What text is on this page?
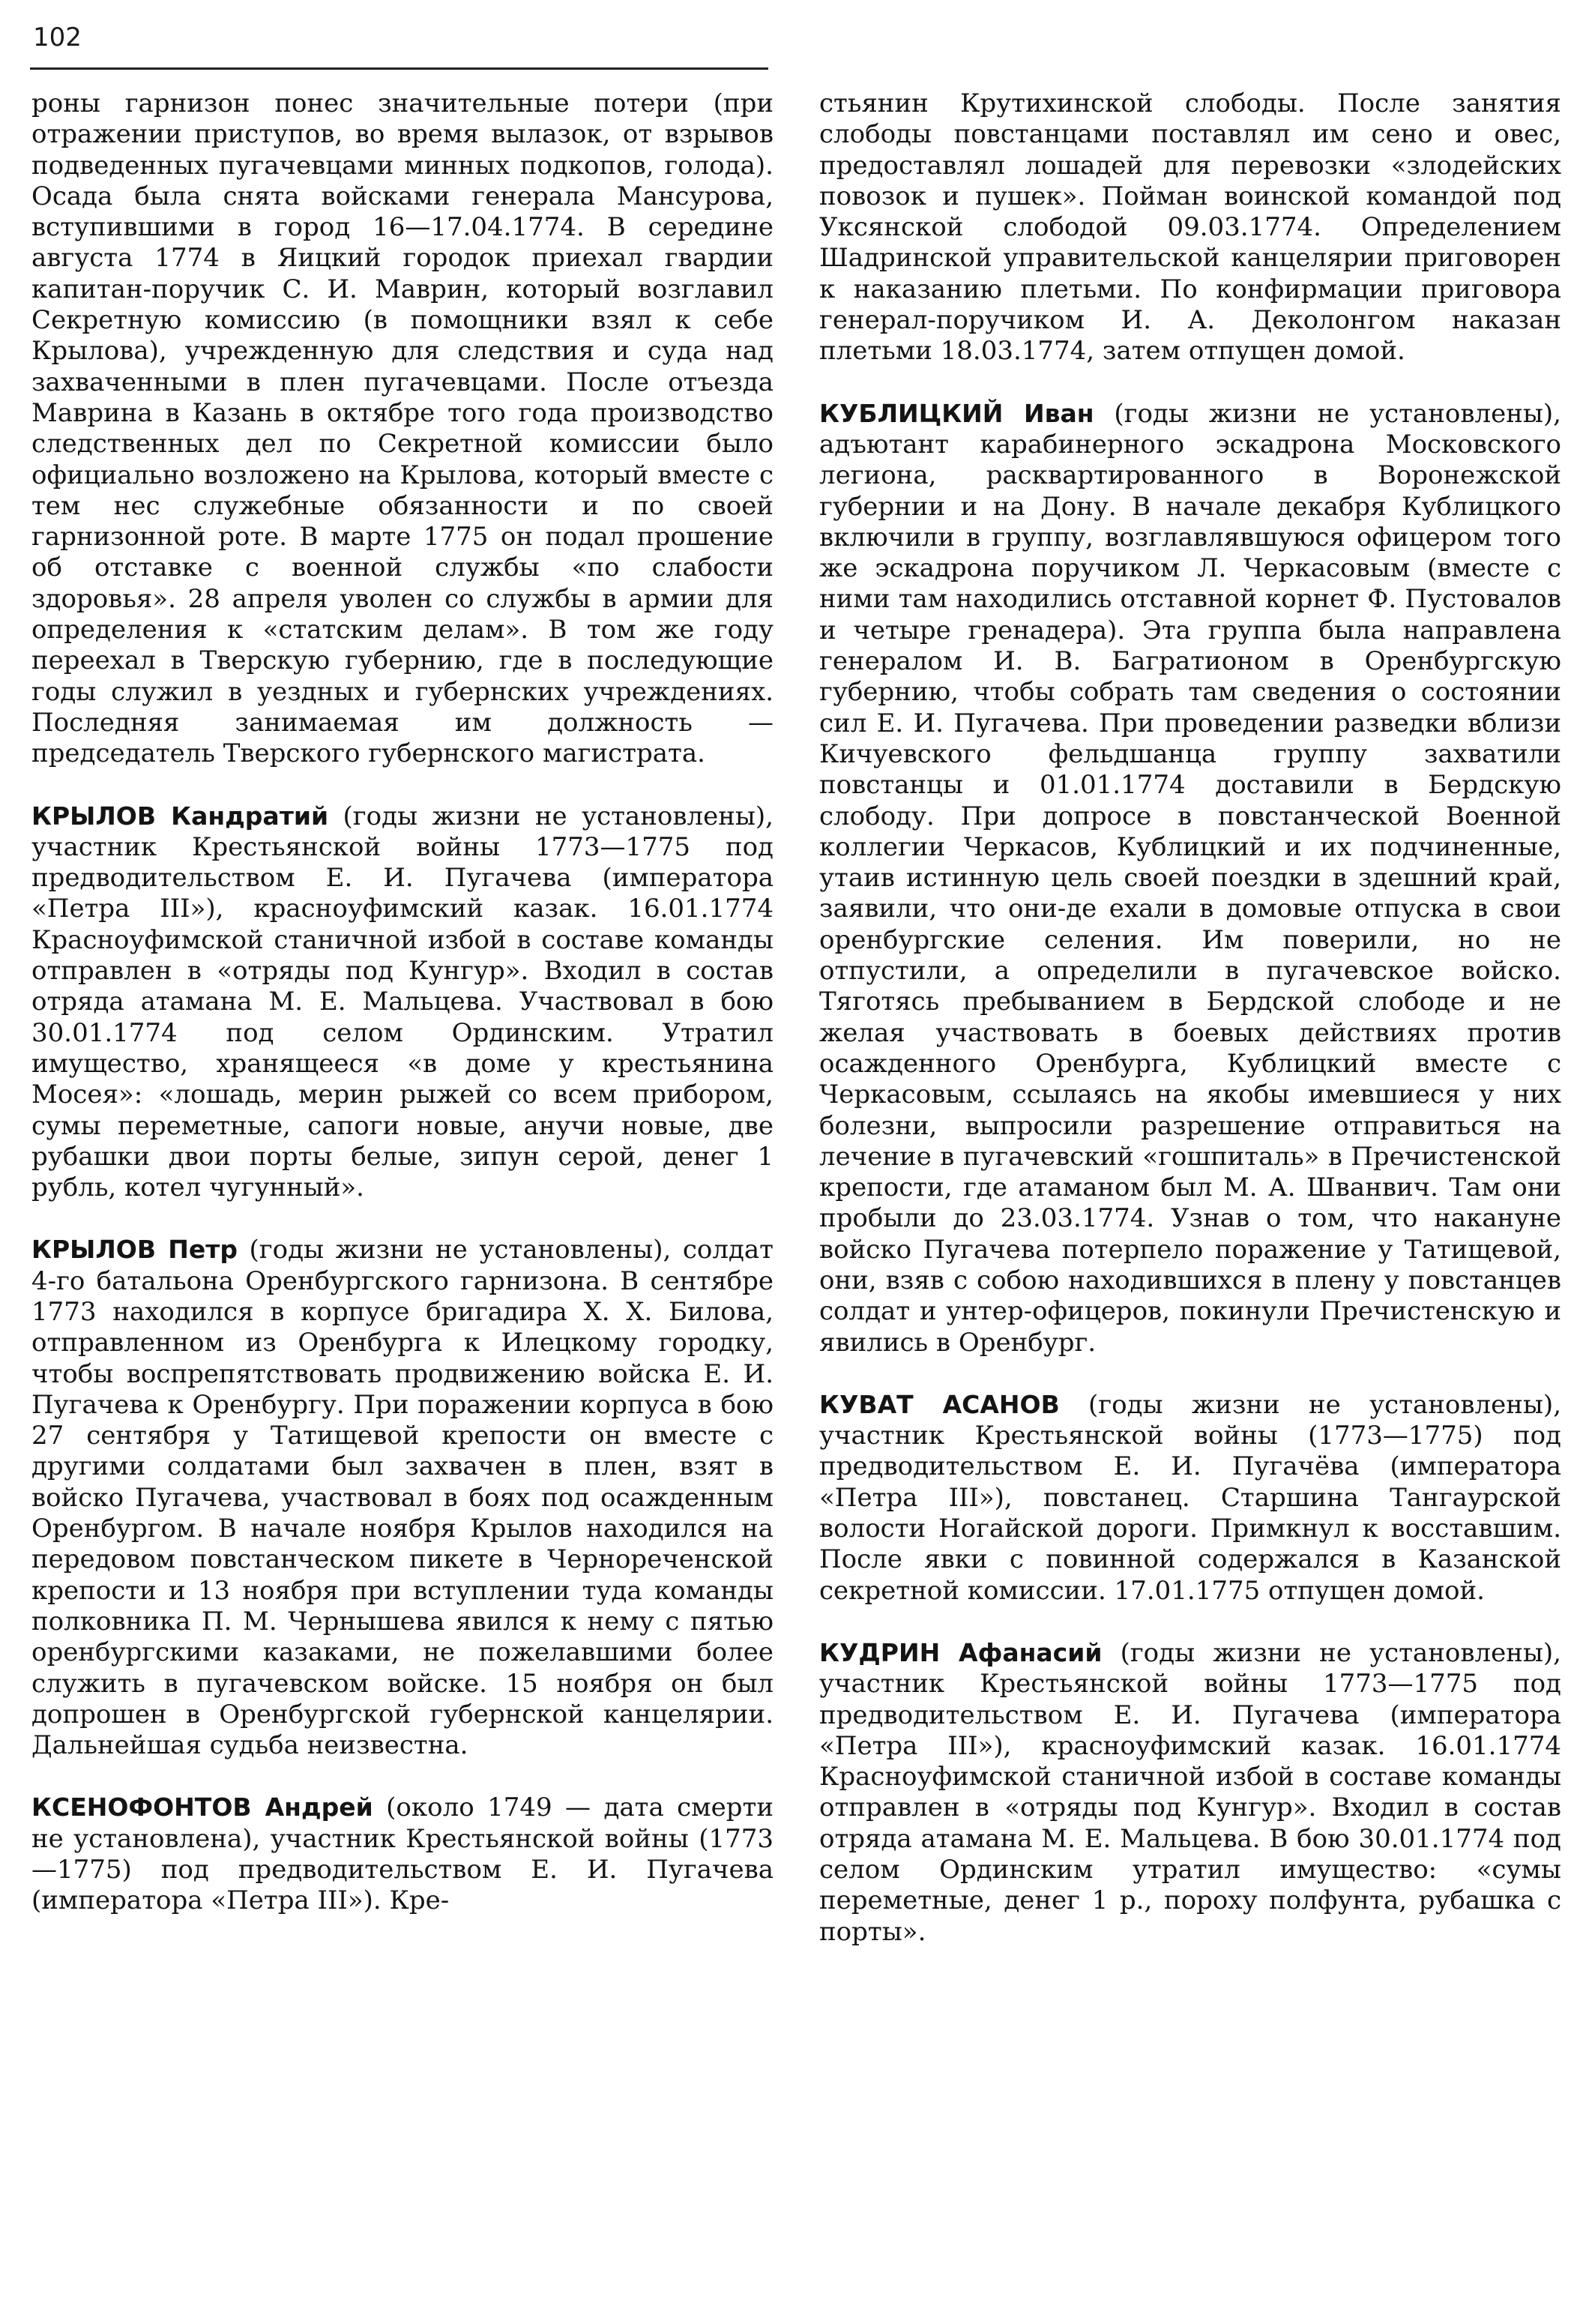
102

роны гарнизон понес значительные потери (при отражении приступов, во время вылазок, от взрывов подведенных пугачевцами минных подкопов, голода). Осада была снята войсками генерала Мансурова, вступившими в город 16—17.04.1774. В середине августа 1774 в Яицкий городок приехал гвардии капитан-поручик С. И. Маврин, который возглавил Секретную комиссию (в помощники взял к себе Крылова), учрежденную для следствия и суда над захваченными в плен пугачевцами. После отъезда Маврина в Казань в октябре того года производство следственных дел по Секретной комиссии было официально возложено на Крылова, который вместе с тем нес служебные обязанности и по своей гарнизонной роте. В марте 1775 он подал прошение об отставке с военной службы «по слабости здоровья». 28 апреля уволен со службы в армии для определения к «статским делам». В том же году переехал в Тверскую губернию, где в последующие годы служил в уездных и губернских учреждениях. Последняя занимаемая им должность — председатель Тверского губернского магистрата.

КРЫЛОВ Кандратий (годы жизни не установлены), участник Крестьянской войны 1773—1775 под предводительством Е. И. Пугачева (императора «Петра III»), красноуфимский казак. 16.01.1774 Красноуфимской станичной избой в составе команды отправлен в «отряды под Кунгур». Входил в состав отряда атамана М. Е. Мальцева. Участвовал в бою 30.01.1774 под селом Ординским. Утратил имущество, хранящееся «в доме у крестьянина Мосея»: «лошадь, мерин рыжей со всем прибором, сумы переметные, сапоги новые, анучи новые, две рубашки двои порты белые, зипун серой, денег 1 рубль, котел чугунный».

КРЫЛОВ Петр (годы жизни не установлены), солдат 4-го батальона Оренбургского гарнизона. В сентябре 1773 находился в корпусе бригадира Х. Х. Билова, отправленном из Оренбурга к Илецкому городку, чтобы воспрепятствовать продвижению войска Е. И. Пугачева к Оренбургу. При поражении корпуса в бою 27 сентября у Татищевой крепости он вместе с другими солдатами был захвачен в плен, взят в войско Пугачева, участвовал в боях под осажденным Оренбургом. В начале ноября Крылов находился на передовом повстанческом пикете в Чернореченской крепости и 13 ноября при вступлении туда команды полковника П. М. Чернышева явился к нему с пятью оренбургскими казаками, не пожелавшими более служить в пугачевском войске. 15 ноября он был допрошен в Оренбургской губернской канцелярии. Дальнейшая судьба неизвестна.

КСЕНОФОНТОВ Андрей (около 1749 — дата смерти не установлена), участник Крестьянской войны (1773—1775) под предводительством Е. И. Пугачева (императора «Петра III»). Кре-

стьянин Крутихинской слободы. После занятия слободы повстанцами поставлял им сено и овес, предоставлял лошадей для перевозки «злодейских повозок и пушек». Пойман воинской командой под Уксянской слободой 09.03.1774. Определением Шадринской управительской канцелярии приговорен к наказанию плетьми. По конфирмации приговора генерал-поручиком И. А. Деколонгом наказан плетьми 18.03.1774, затем отпущен домой.

КУБЛИЦКИЙ Иван (годы жизни не установлены), адъютант карабинерного эскадрона Московского легиона, расквартированного в Воронежской губернии и на Дону. В начале декабря Кублицкого включили в группу, возглавлявшуюся офицером того же эскадрона поручиком Л. Черкасовым (вместе с ними там находились отставной корнет Ф. Пустовалов и четыре гренадера). Эта группа была направлена генералом И. В. Багратионом в Оренбургскую губернию, чтобы собрать там сведения о состоянии сил Е. И. Пугачева. При проведении разведки вблизи Кичуевского фельдшанца группу захватили повстанцы и 01.01.1774 доставили в Бердскую слободу. При допросе в повстанческой Военной коллегии Черкасов, Кублицкий и их подчиненные, утаив истинную цель своей поездки в здешний край, заявили, что они-де ехали в домовые отпуска в свои оренбургские селения. Им поверили, но не отпустили, а определили в пугачевское войско. Тяготясь пребыванием в Бердской слободе и не желая участвовать в боевых действиях против осажденного Оренбурга, Кублицкий вместе с Черкасовым, ссылаясь на якобы имевшиеся у них болезни, выпросили разрешение отправиться на лечение в пугачевский «гошпиталь» в Пречистенской крепости, где атаманом был М. А. Шванвич. Там они пробыли до 23.03.1774. Узнав о том, что накануне войско Пугачева потерпело поражение у Татищевой, они, взяв с собою находившихся в плену у повстанцев солдат и унтер-офицеров, покинули Пречистенскую и явились в Оренбург.

КУВАТ АСАНОВ (годы жизни не установлены), участник Крестьянской войны (1773—1775) под предводительством Е. И. Пугачёва (императора «Петра III»), повстанец. Старшина Тангаурской волости Ногайской дороги. Примкнул к восставшим. После явки с повинной содержался в Казанской секретной комиссии. 17.01.1775 отпущен домой.

КУДРИН Афанасий (годы жизни не установлены), участник Крестьянской войны 1773—1775 под предводительством Е. И. Пугачева (императора «Петра III»), красноуфимский казак. 16.01.1774 Красноуфимской станичной избой в составе команды отправлен в «отряды под Кунгур». Входил в состав отряда атамана М. Е. Мальцева. В бою 30.01.1774 под селом Ординским утратил имущество: «сумы переметные, денег 1 р., пороху полфунта, рубашка с порты».
